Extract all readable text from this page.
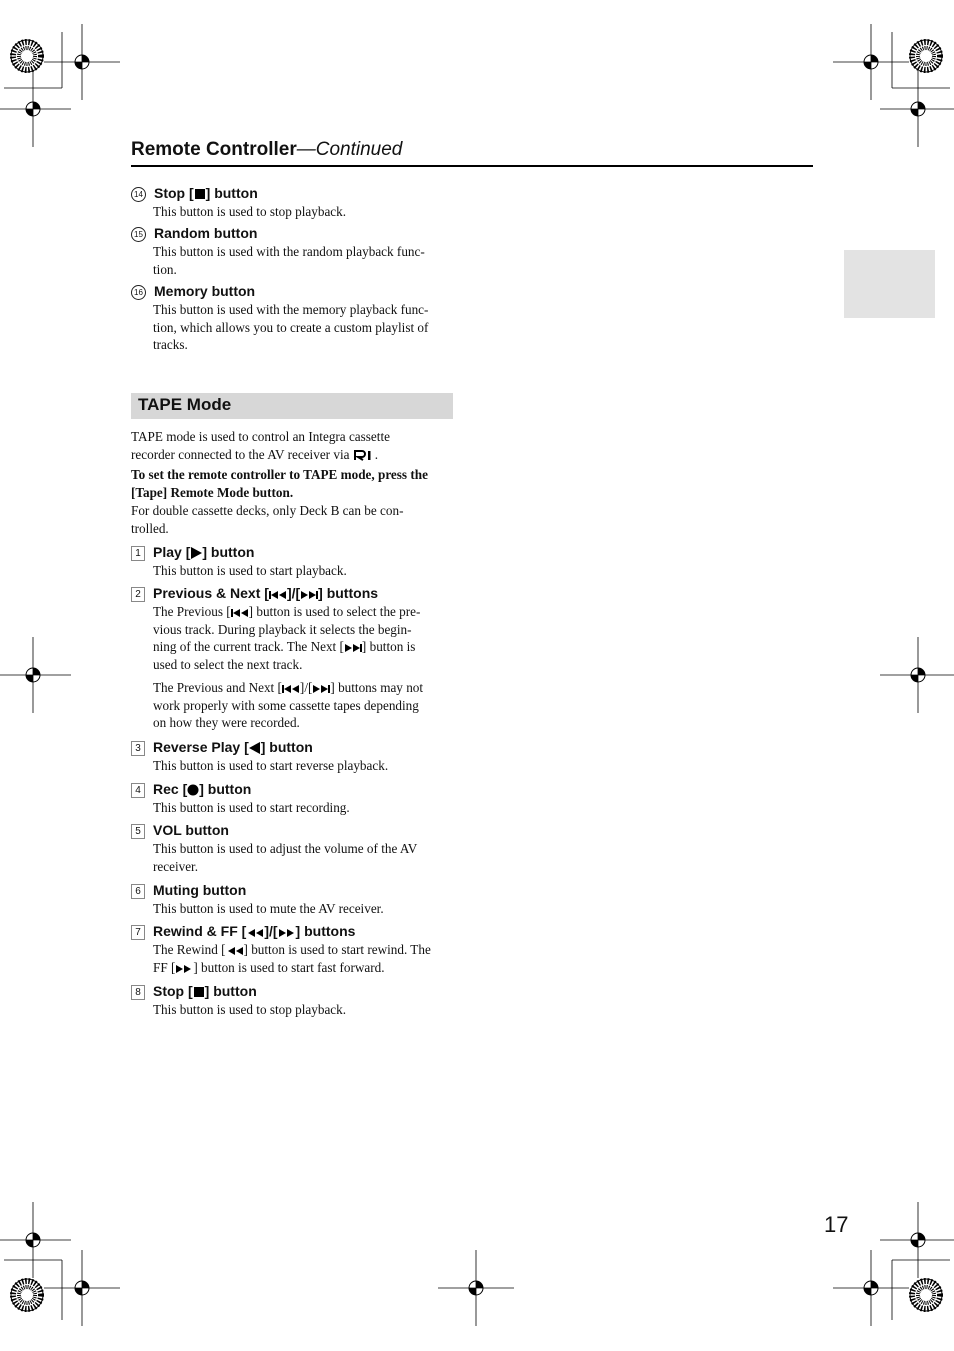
Remote Controller—Continued
14 Stop [ ] button
This button is used to stop playback.
15 Random button
This button is used with the random playback func-
tion.
16 Memory button
This button is used with the memory playback func-
tion, which allows you to create a custom playlist of
tracks.
TAPE Mode
TAPE mode is used to control an Integra cassette
recorder connected to the AV receiver via .
To set the remote controller to TAPE mode, press the
[Tape] Remote Mode button.
For double cassette decks, only Deck B can be con-
trolled.
1 Play [ ] button
This button is used to start playback.
2 Previous & Next [ ]/[ ] buttons
The Previous [ ] button is used to select the pre-
vious track. During playback it selects the begin-
ning of the current track. The Next [ ] button is
used to select the next track.
The Previous and Next [ ]/[ ] buttons may not
work properly with some cassette tapes depending
on how they were recorded.
3 Reverse Play [ ] button
This button is used to start reverse playback.
4 Rec [ ] button
This button is used to start recording.
5 VOL button
This button is used to adjust the volume of the AV
receiver.
6 Muting button
This button is used to mute the AV receiver.
7 Rewind & FF [ ]/[ ] buttons
The Rewind [ ] button is used to start rewind. The
FF [ ] button is used to start fast forward.
8 Stop [ ] button
This button is used to stop playback.
17
